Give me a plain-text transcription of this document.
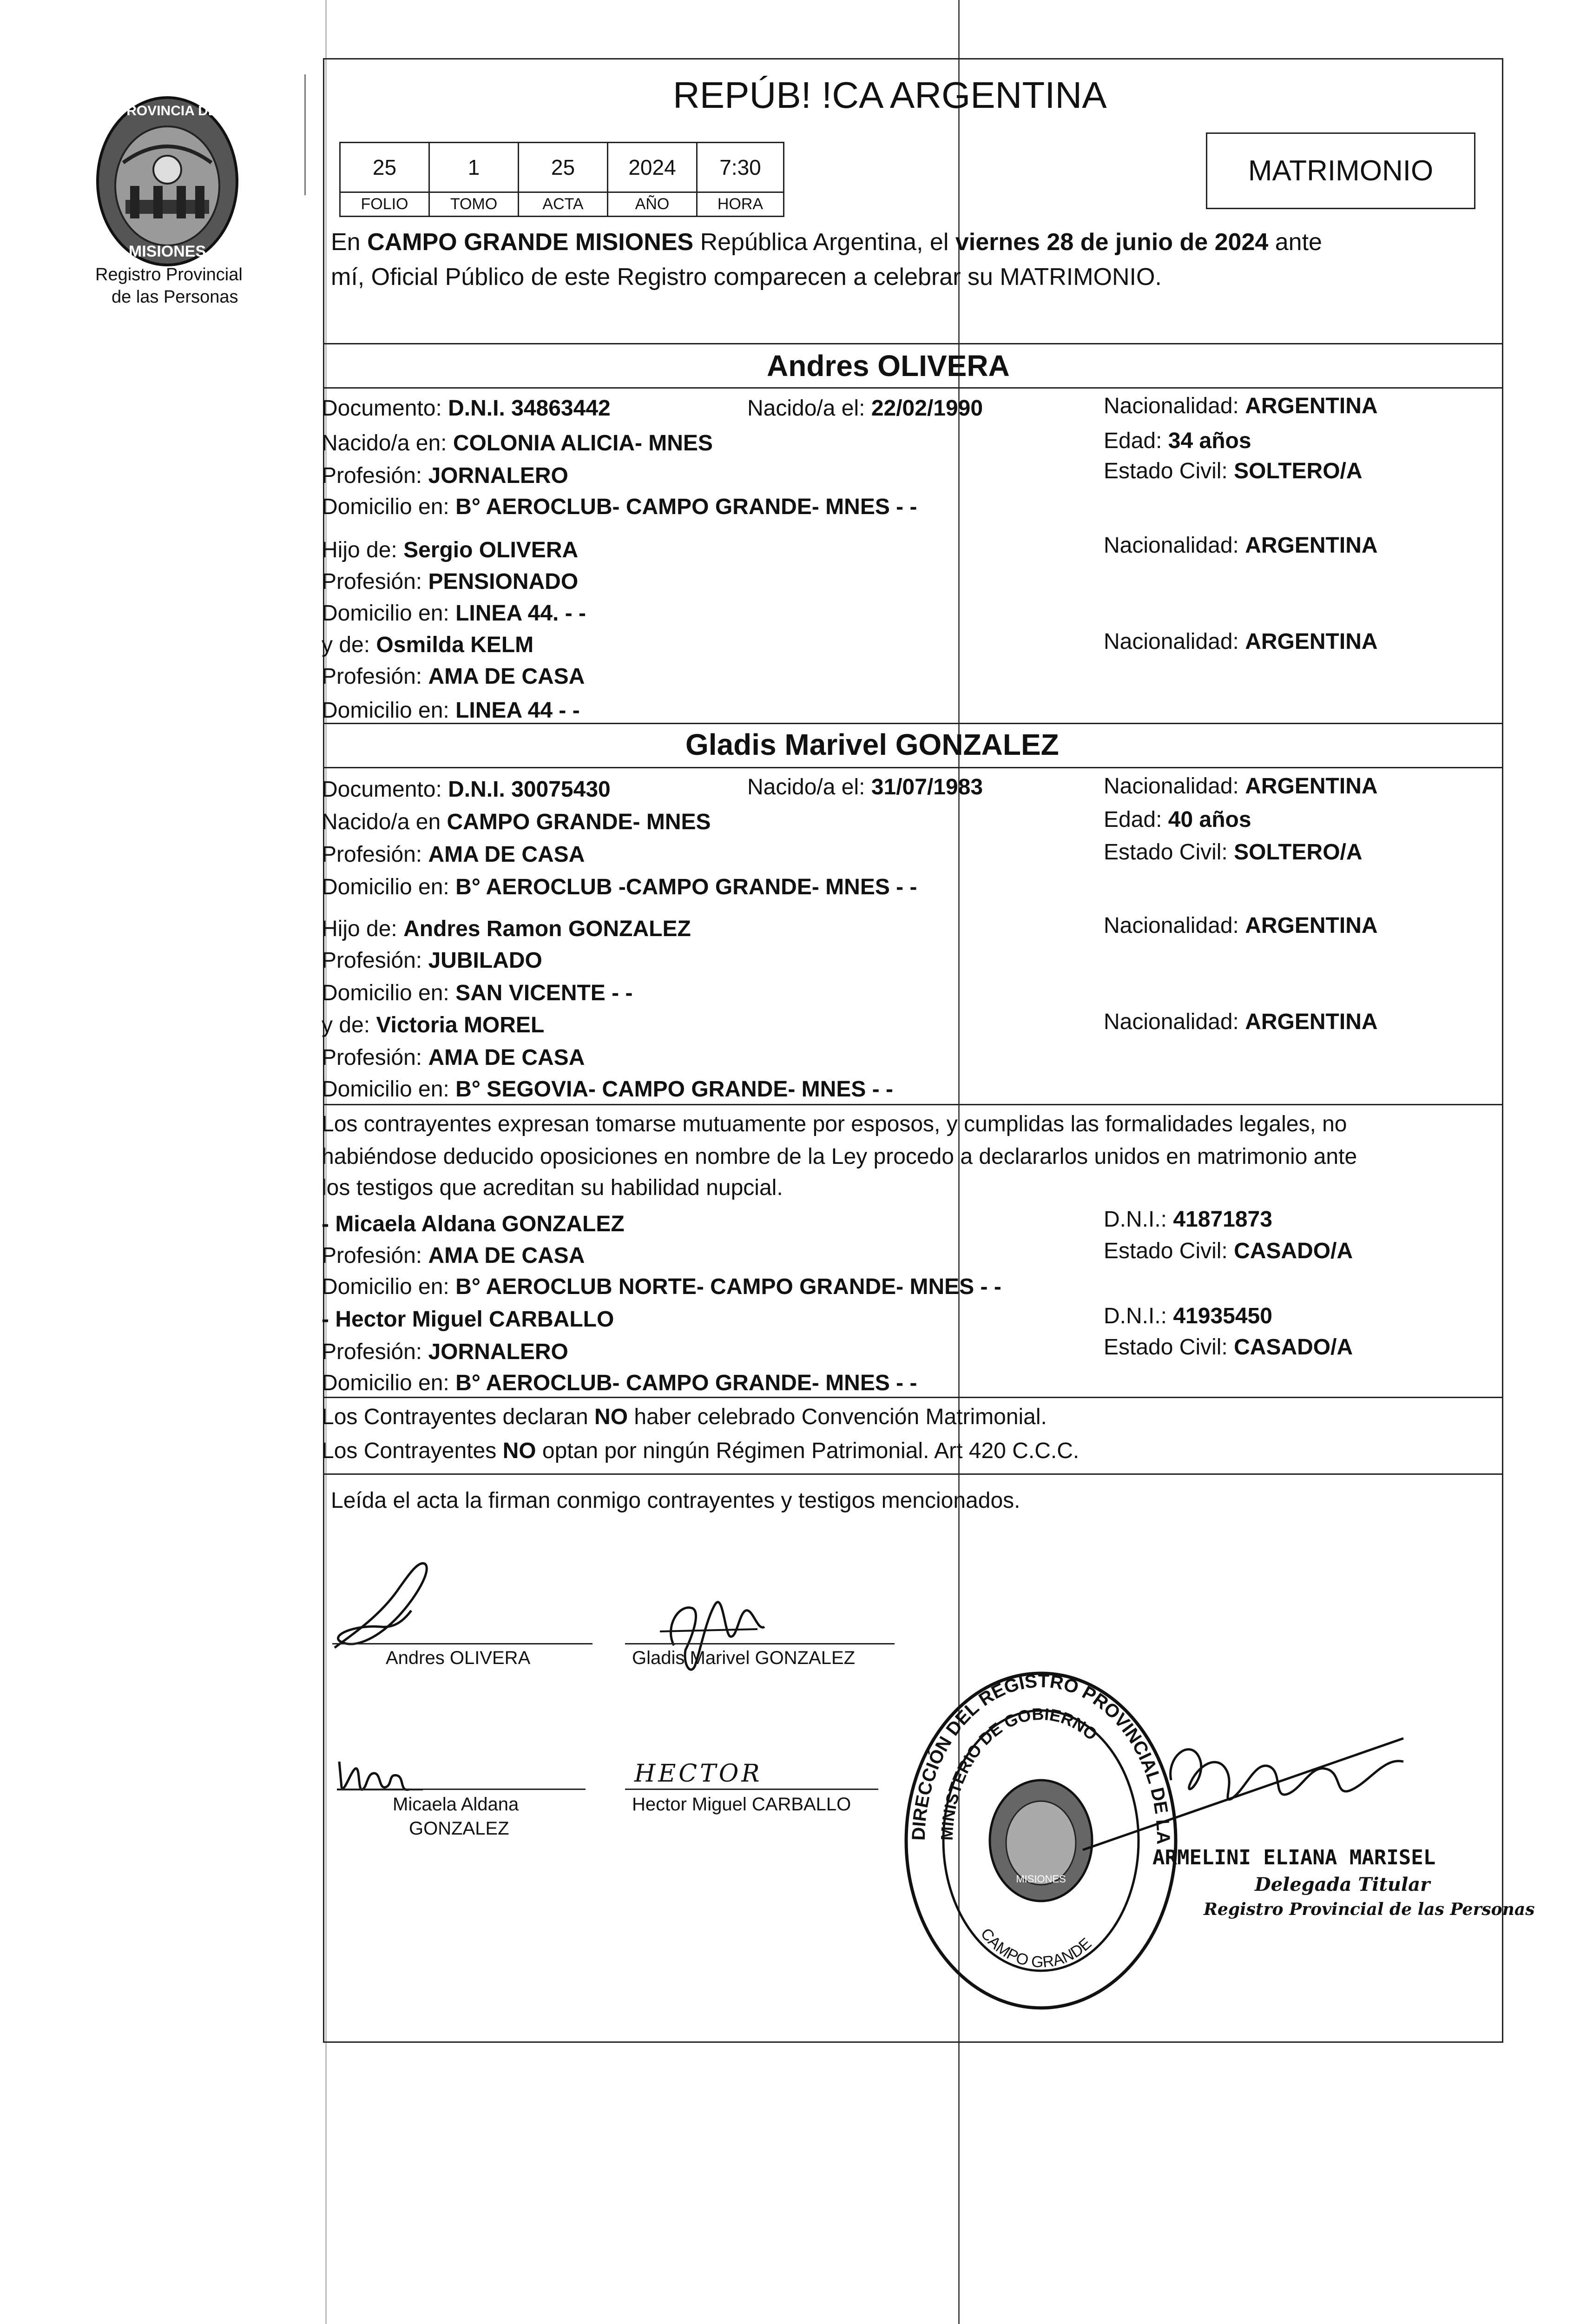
PROVINCIA DE
MISIONES
Registro Provincial
de las Personas
REPÚB! !CA ARGENTINA
25	1	25	2024	7:30
FOLIO	TOMO	ACTA	AÑO	HORA
MATRIMONIO
En CAMPO GRANDE MISIONES República Argentina, el viernes 28 de junio de 2024 ante
mí, Oficial Público de este Registro comparecen a celebrar su MATRIMONIO.
Andres OLIVERA
Documento: D.N.I. 34863442	Nacido/a el: 22/02/1990	Nacionalidad: ARGENTINA
Nacido/a en: COLONIA ALICIA- MNES	Edad: 34 años
Profesión: JORNALERO	Estado Civil: SOLTERO/A
Domicilio en: B° AEROCLUB- CAMPO GRANDE- MNES - -
Hijo de: Sergio OLIVERA	Nacionalidad: ARGENTINA
Profesión: PENSIONADO
Domicilio en: LINEA 44. - -
y de: Osmilda KELM	Nacionalidad: ARGENTINA
Profesión: AMA DE CASA
Domicilio en: LINEA 44 - -
Gladis Marivel GONZALEZ
Documento: D.N.I. 30075430	Nacido/a el: 31/07/1983	Nacionalidad: ARGENTINA
Nacido/a en CAMPO GRANDE- MNES	Edad: 40 años
Profesión: AMA DE CASA	Estado Civil: SOLTERO/A
Domicilio en: B° AEROCLUB -CAMPO GRANDE- MNES - -
Hijo de: Andres Ramon GONZALEZ	Nacionalidad: ARGENTINA
Profesión: JUBILADO
Domicilio en: SAN VICENTE - -
y de: Victoria MOREL	Nacionalidad: ARGENTINA
Profesión: AMA DE CASA
Domicilio en: B° SEGOVIA- CAMPO GRANDE- MNES - -
Los contrayentes expresan tomarse mutuamente por esposos, y cumplidas las formalidades legales, no
habiéndose deducido oposiciones en nombre de la Ley procedo a declararlos unidos en matrimonio ante
los testigos que acreditan su habilidad nupcial.
- Micaela Aldana GONZALEZ	D.N.I.: 41871873
Profesión: AMA DE CASA	Estado Civil: CASADO/A
Domicilio en: B° AEROCLUB NORTE- CAMPO GRANDE- MNES - -
- Hector Miguel CARBALLO	D.N.I.: 41935450
Profesión: JORNALERO	Estado Civil: CASADO/A
Domicilio en: B° AEROCLUB- CAMPO GRANDE- MNES - -
Los Contrayentes declaran NO haber celebrado Convención Matrimonial.
Los Contrayentes NO optan por ningún Régimen Patrimonial. Art 420 C.C.C.
Leída el acta la firman conmigo contrayentes y testigos mencionados.
Andres OLIVERA	Gladis Marivel GONZALEZ
Micaela Aldana
GONZALEZ
HECTOR
Hector Miguel CARBALLO
DIRECCIÓN DEL REGISTRO PROVINCIAL DE LA
MINISTERIO DE GOBIERNO
CAMPO GRANDE
MISIONES
ARMELINI ELIANA MARISEL
Delegada Titular
Registro Provincial de las Personas
